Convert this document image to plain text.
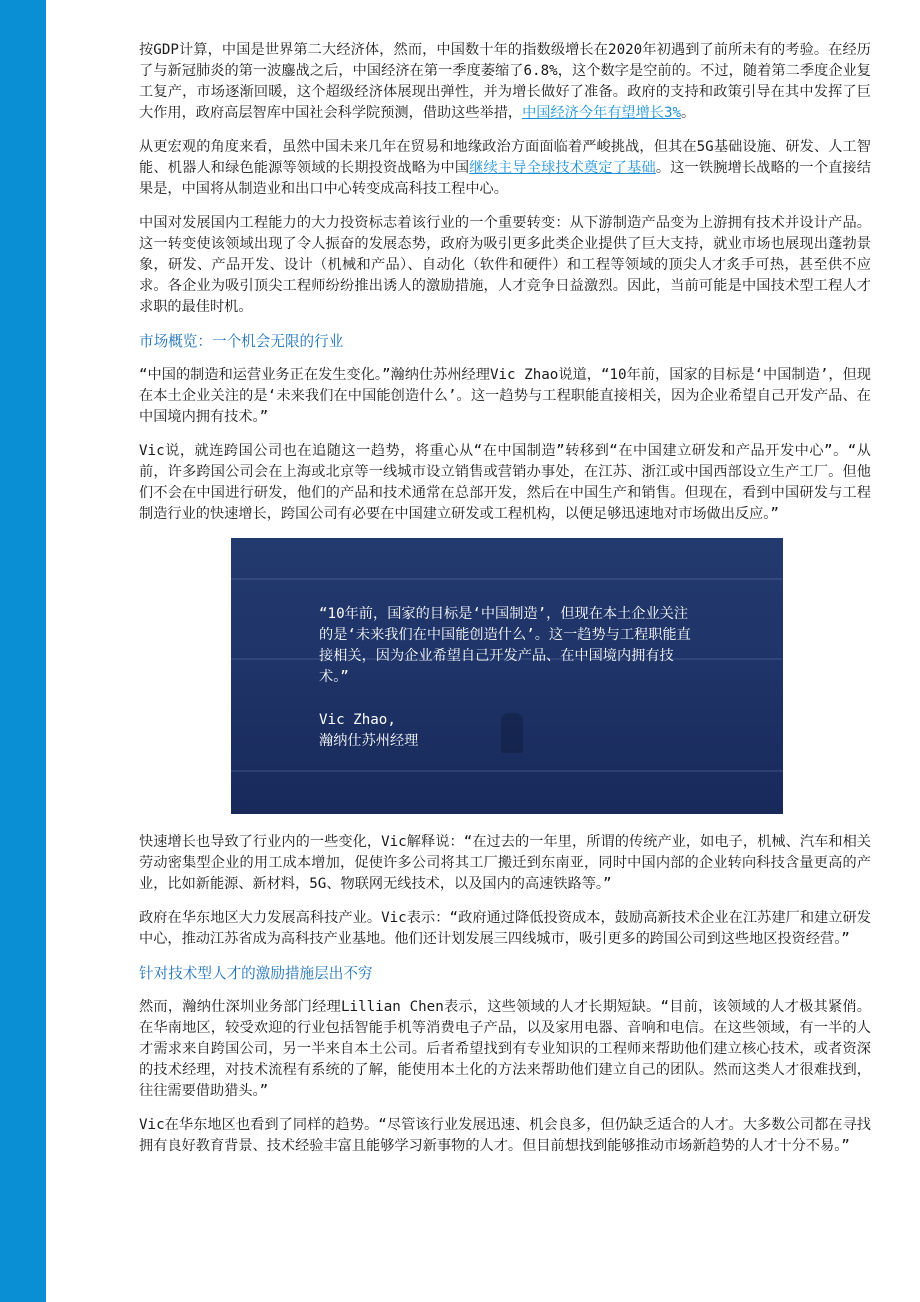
按GDP计算，中国是世界第二大经济体，然而，中国数十年的指数级增长在2020年初遇到了前所未有的考验。在经历了与新冠肺炎的第一波鏖战之后，中国经济在第一季度萎缩了6.8%，这个数字是空前的。不过，随着第二季度企业复工复产，市场逐渐回暖，这个超级经济体展现出弹性，并为增长做好了准备。政府的支持和政策引导在其中发挥了巨大作用，政府高层智库中国社会科学院预测，借助这些举措，中国经济今年有望增长3%。

从更宏观的角度来看，虽然中国未来几年在贸易和地缘政治方面面临着严峻挑战，但其在5G基础设施、研发、人工智能、机器人和绿色能源等领域的长期投资战略为中国继续主导全球技术奠定了基础。这一铁腕增长战略的一个直接结果是，中国将从制造业和出口中心转变成高科技工程中心。

中国对发展国内工程能力的大力投资标志着该行业的一个重要转变：从下游制造产品变为上游拥有技术并设计产品。这一转变使该领域出现了令人振奋的发展态势，政府为吸引更多此类企业提供了巨大支持，就业市场也展现出蓬勃景象，研发、产品开发、设计（机械和产品）、自动化（软件和硬件）和工程等领域的顶尖人才炙手可热，甚至供不应求。各企业为吸引顶尖工程师纷纷推出诱人的激励措施，人才竞争日益激烈。因此，当前可能是中国技术型工程人才求职的最佳时机。

市场概览：一个机会无限的行业

“中国的制造和运营业务正在发生变化。”瀚纳仕苏州经理Vic Zhao说道，“10年前，国家的目标是‘中国制造’，但现在本土企业关注的是‘未来我们在中国能创造什么’。这一趋势与工程职能直接相关，因为企业希望自己开发产品、在中国境内拥有技术。”

Vic说，就连跨国公司也在追随这一趋势，将重心从“在中国制造”转移到“在中国建立研发和产品开发中心”。“从前，许多跨国公司会在上海或北京等一线城市设立销售或营销办事处，在江苏、浙江或中国西部设立生产工厂。但他们不会在中国进行研发，他们的产品和技术通常在总部开发，然后在中国生产和销售。但现在，看到中国研发与工程制造行业的快速增长，跨国公司有必要在中国建立研发或工程机构，以便足够迅速地对市场做出反应。”

“10年前，国家的目标是‘中国制造’，但现在本土企业关注的是‘未来我们在中国能创造什么’。这一趋势与工程职能直接相关，因为企业希望自己开发产品、在中国境内拥有技术。”
Vic Zhao,
瀚纳仕苏州经理

快速增长也导致了行业内的一些变化，Vic解释说：“在过去的一年里，所谓的传统产业，如电子，机械、汽车和相关劳动密集型企业的用工成本增加，促使许多公司将其工厂搬迁到东南亚，同时中国内部的企业转向科技含量更高的产业，比如新能源、新材料，5G、物联网无线技术，以及国内的高速铁路等。”

政府在华东地区大力发展高科技产业。Vic表示：“政府通过降低投资成本，鼓励高新技术企业在江苏建厂和建立研发中心，推动江苏省成为高科技产业基地。他们还计划发展三四线城市，吸引更多的跨国公司到这些地区投资经营。”

针对技术型人才的激励措施层出不穷

然而，瀚纳仕深圳业务部门经理Lillian Chen表示，这些领域的人才长期短缺。“目前，该领域的人才极其紧俏。在华南地区，较受欢迎的行业包括智能手机等消费电子产品，以及家用电器、音响和电信。在这些领域，有一半的人才需求来自跨国公司，另一半来自本土公司。后者希望找到有专业知识的工程师来帮助他们建立核心技术，或者资深的技术经理，对技术流程有系统的了解，能使用本土化的方法来帮助他们建立自己的团队。然而这类人才很难找到，往往需要借助猎头。”

Vic在华东地区也看到了同样的趋势。“尽管该行业发展迅速、机会良多，但仍缺乏适合的人才。大多数公司都在寻找拥有良好教育背景、技术经验丰富且能够学习新事物的人才。但目前想找到能够推动市场新趋势的人才十分不易。”
